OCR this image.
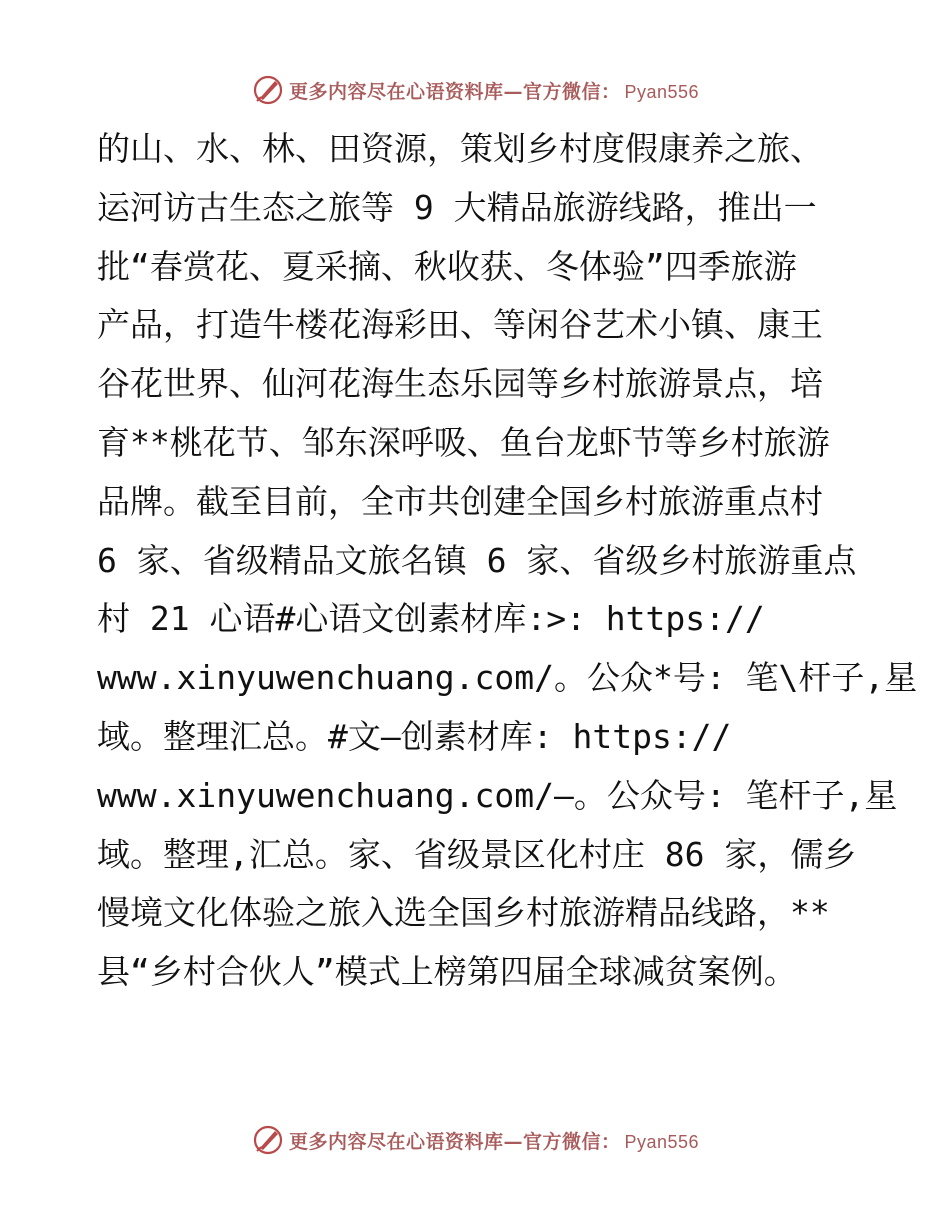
更多内容尽在心语资料库—官方微信： Pyan556
的山、水、林、田资源，策划乡村度假康养之旅、
运河访古生态之旅等 9 大精品旅游线路，推出一
批“春赏花、夏采摘、秋收获、冬体验”四季旅游
产品，打造牛楼花海彩田、等闲谷艺术小镇、康王
谷花世界、仙河花海生态乐园等乡村旅游景点，培
育**桃花节、邹东深呼吸、鱼台龙虾节等乡村旅游
品牌。截至目前，全市共创建全国乡村旅游重点村
6 家、省级精品文旅名镇 6 家、省级乡村旅游重点
村 21 心语#心语文创素材库:>: https://
www.xinyuwenchuang.com/。公众*号: 笔\杆子,星
域。整理汇总。#文—创素材库: https://
www.xinyuwenchuang.com/—。公众号: 笔杆子,星
域。整理,汇总。家、省级景区化村庄 86 家，儒乡
慢境文化体验之旅入选全国乡村旅游精品线路，**
县“乡村合伙人”模式上榜第四届全球减贫案例。
更多内容尽在心语资料库—官方微信： Pyan556
